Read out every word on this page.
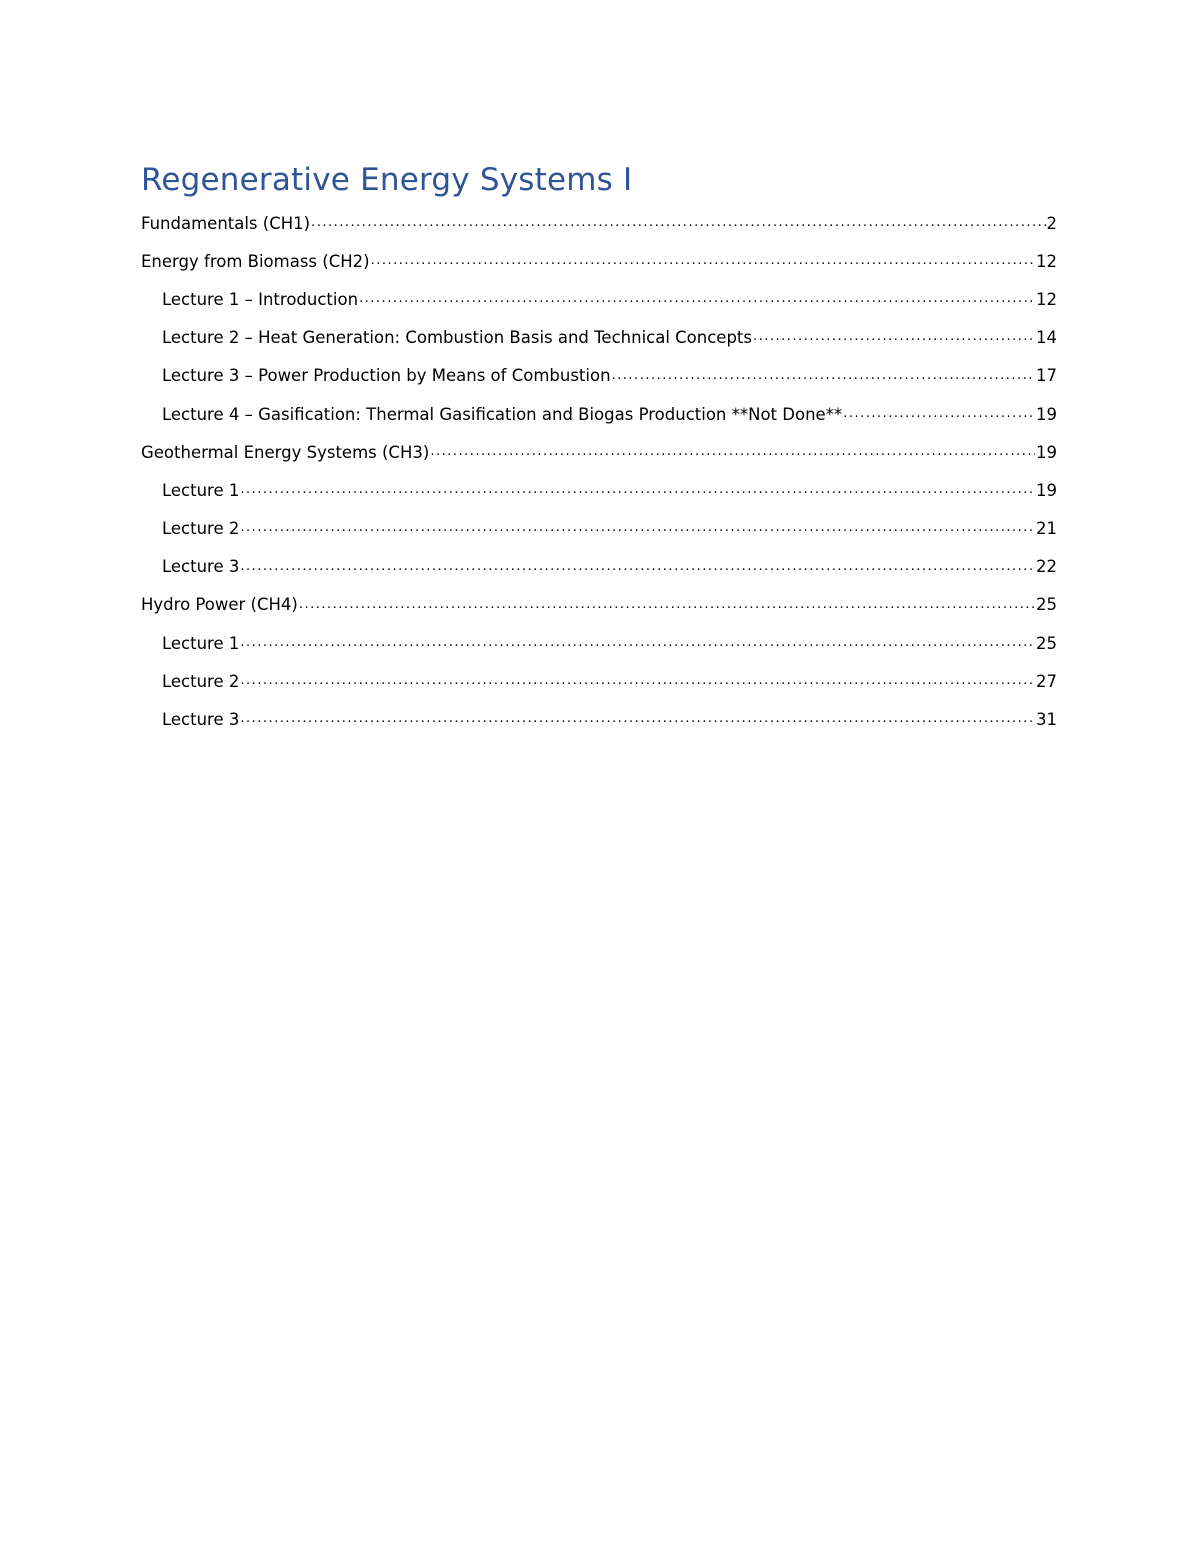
Regenerative Energy Systems I
Fundamentals (CH1) .....	2
Energy from Biomass (CH2) .....	12
Lecture 1 – Introduction .....	12
Lecture 2 – Heat Generation: Combustion Basis and Technical Concepts .....	14
Lecture 3 – Power Production by Means of Combustion .....	17
Lecture 4 – Gasification: Thermal Gasification and Biogas Production **Not Done** .....	19
Geothermal Energy Systems (CH3) .....	19
Lecture 1 .....	19
Lecture 2 .....	21
Lecture 3 .....	22
Hydro Power (CH4) .....	25
Lecture 1 .....	25
Lecture 2 .....	27
Lecture 3 .....	31
